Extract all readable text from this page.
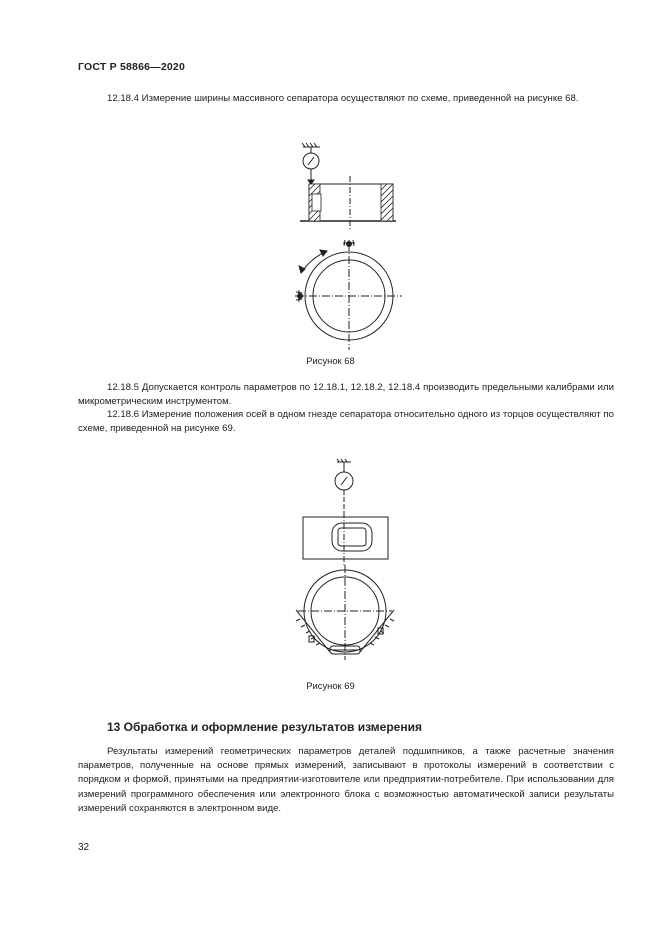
ГОСТ Р 58866—2020
12.18.4 Измерение ширины массивного сепаратора осуществляют по схеме, приведенной на рисунке 68.
Рисунок 68
12.18.5 Допускается контроль параметров по 12.18.1, 12.18.2, 12.18.4 производить предельными калибрами или микрометрическим инструментом.
12.18.6 Измерение положения осей в одном гнезде сепаратора относительно одного из торцов осуществляют по схеме, приведенной на рисунке 69.
Рисунок 69
13 Обработка и оформление результатов измерения
Результаты измерений геометрических параметров деталей подшипников, а также расчетные значения параметров, полученные на основе прямых измерений, записывают в протоколы измерений в соответствии с порядком и формой, принятыми на предприятии-изготовителе или предприятии-потребителе. При использовании для измерений программного обеспечения или электронного блока с возможностью автоматической записи результаты измерений сохраняются в электронном виде.
32
